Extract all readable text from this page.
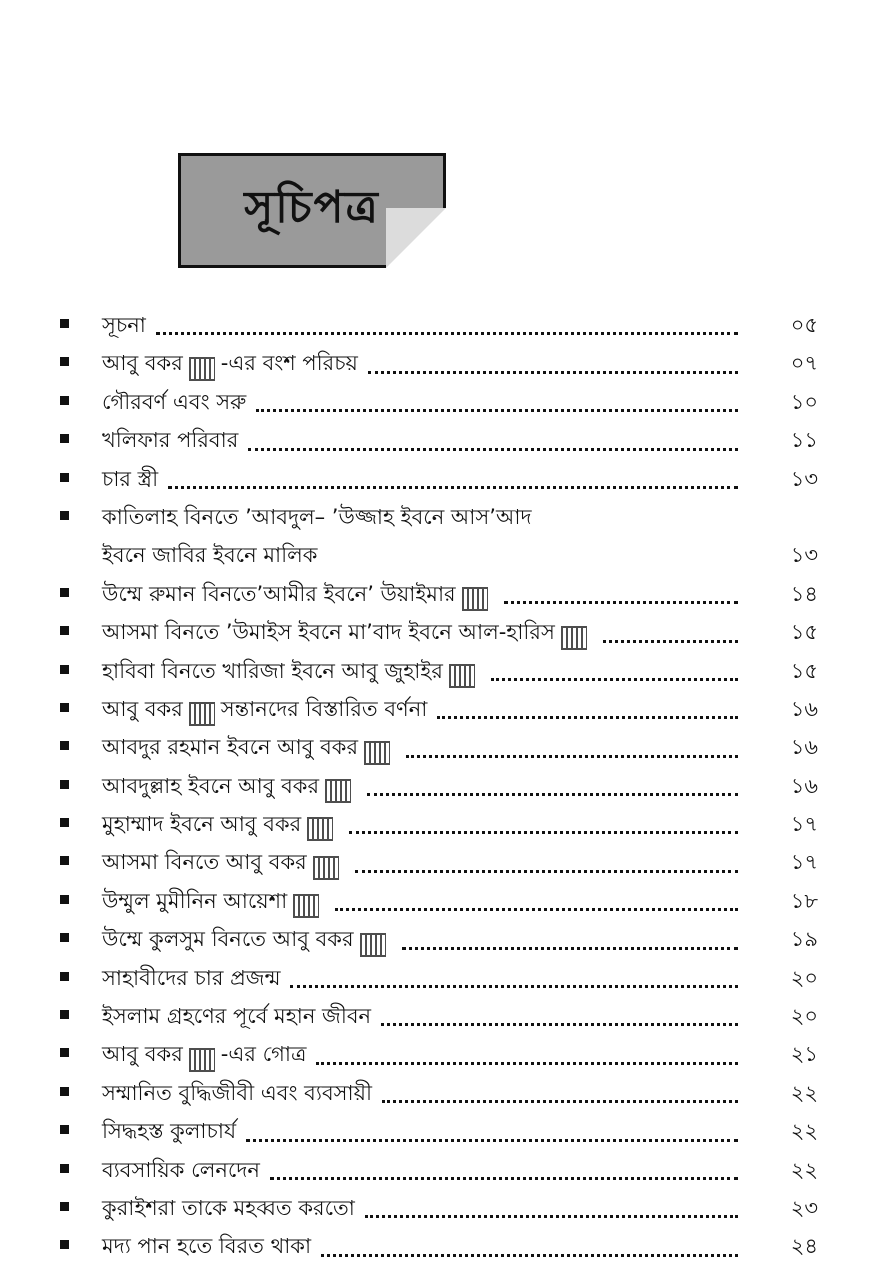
সূচিপত্র
সূচনা	০৫
আবু বকর -এর বংশ পরিচয়	০৭
গৌরবর্ণ এবং সরু	১০
খলিফার পরিবার	১১
চার স্ত্রী	১৩
কাতিলাহ বিনতে ’আবদুল– ’উজ্জাহ ইবনে আস’আদ
ইবনে জাবির ইবনে মালিক	১৩
উম্মে রুমান বিনতে’আমীর ইবনে’ উয়াইমার	১৪
আসমা বিনতে ’উমাইস ইবনে মা’বাদ ইবনে আল-হারিস	১৫
হাবিবা বিনতে খারিজা ইবনে আবু জুহাইর	১৫
আবু বকর সন্তানদের বিস্তারিত বর্ণনা	১৬
আবদুর রহমান ইবনে আবু বকর	১৬
আবদুল্লাহ ইবনে আবু বকর	১৬
মুহাম্মাদ ইবনে আবু বকর	১৭
আসমা বিনতে আবু বকর	১৭
উম্মুল মুমীনিন আয়েশা	১৮
উম্মে কুলসুম বিনতে আবু বকর	১৯
সাহাবীদের চার প্রজন্ম	২০
ইসলাম গ্রহণের পূর্বে মহান জীবন	২০
আবু বকর -এর গোত্র	২১
সম্মানিত বুদ্ধিজীবী এবং ব্যবসায়ী	২২
সিদ্ধহস্ত কুলাচার্য	২২
ব্যবসায়িক লেনদেন	২২
কুরাইশরা তাকে মহব্বত করতো	২৩
মদ্য পান হতে বিরত থাকা	২৪
